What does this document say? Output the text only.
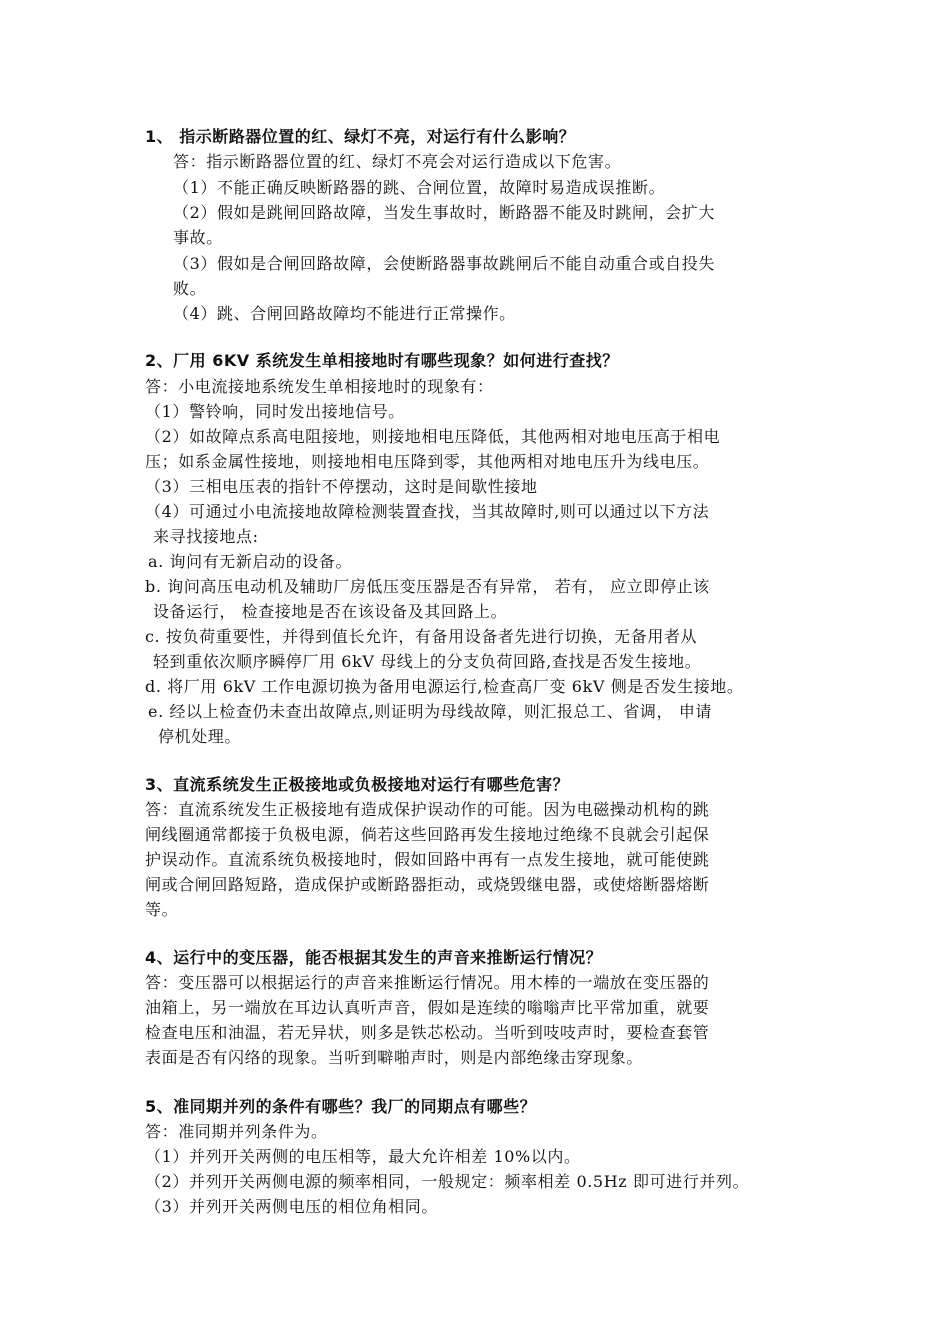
1、 指示断路器位置的红、绿灯不亮，对运行有什么影响？
答：指示断路器位置的红、绿灯不亮会对运行造成以下危害。
（1）不能正确反映断路器的跳、合闸位置，故障时易造成误推断。
（2）假如是跳闸回路故障，当发生事故时，断路器不能及时跳闸，会扩大
事故。
（3）假如是合闸回路故障，会使断路器事故跳闸后不能自动重合或自投失
败。
（4）跳、合闸回路故障均不能进行正常操作。
2、厂用 6KV 系统发生单相接地时有哪些现象？如何进行查找？
答：小电流接地系统发生单相接地时的现象有：
（1）警铃响，同时发出接地信号。
（2）如故障点系高电阻接地，则接地相电压降低，其他两相对地电压高于相电
压；如系金属性接地，则接地相电压降到零，其他两相对地电压升为线电压。
（3）三相电压表的指针不停摆动，这时是间歇性接地
（4）可通过小电流接地故障检测装置查找，当其故障时,则可以通过以下方法
来寻找接地点:
a. 询问有无新启动的设备。
b. 询问高压电动机及辅助厂房低压变压器是否有异常， 若有， 应立即停止该
设备运行， 检查接地是否在该设备及其回路上。
c. 按负荷重要性，并得到值长允许，有备用设备者先进行切换，无备用者从
轻到重依次顺序瞬停厂用 6kV 母线上的分支负荷回路,查找是否发生接地。
d. 将厂用 6kV 工作电源切换为备用电源运行,检查高厂变 6kV 侧是否发生接地。
e. 经以上检查仍未查出故障点,则证明为母线故障，则汇报总工、省调， 申请
停机处理。
3、直流系统发生正极接地或负极接地对运行有哪些危害？
答：直流系统发生正极接地有造成保护误动作的可能。因为电磁操动机构的跳
闸线圈通常都接于负极电源，倘若这些回路再发生接地过绝缘不良就会引起保
护误动作。直流系统负极接地时，假如回路中再有一点发生接地，就可能使跳
闸或合闸回路短路，造成保护或断路器拒动，或烧毁继电器，或使熔断器熔断
等。
4、运行中的变压器，能否根据其发生的声音来推断运行情况？
答：变压器可以根据运行的声音来推断运行情况。用木棒的一端放在变压器的
油箱上，另一端放在耳边认真听声音，假如是连续的嗡嗡声比平常加重，就要
检查电压和油温，若无异状，则多是铁芯松动。当听到吱吱声时，要检查套管
表面是否有闪络的现象。当听到噼啪声时，则是内部绝缘击穿现象。
5、准同期并列的条件有哪些？我厂的同期点有哪些？
答：准同期并列条件为。
（1）并列开关两侧的电压相等，最大允许相差 10%以内。
（2）并列开关两侧电源的频率相同，一般规定：频率相差 0.5Hz 即可进行并列。
（3）并列开关两侧电压的相位角相同。
